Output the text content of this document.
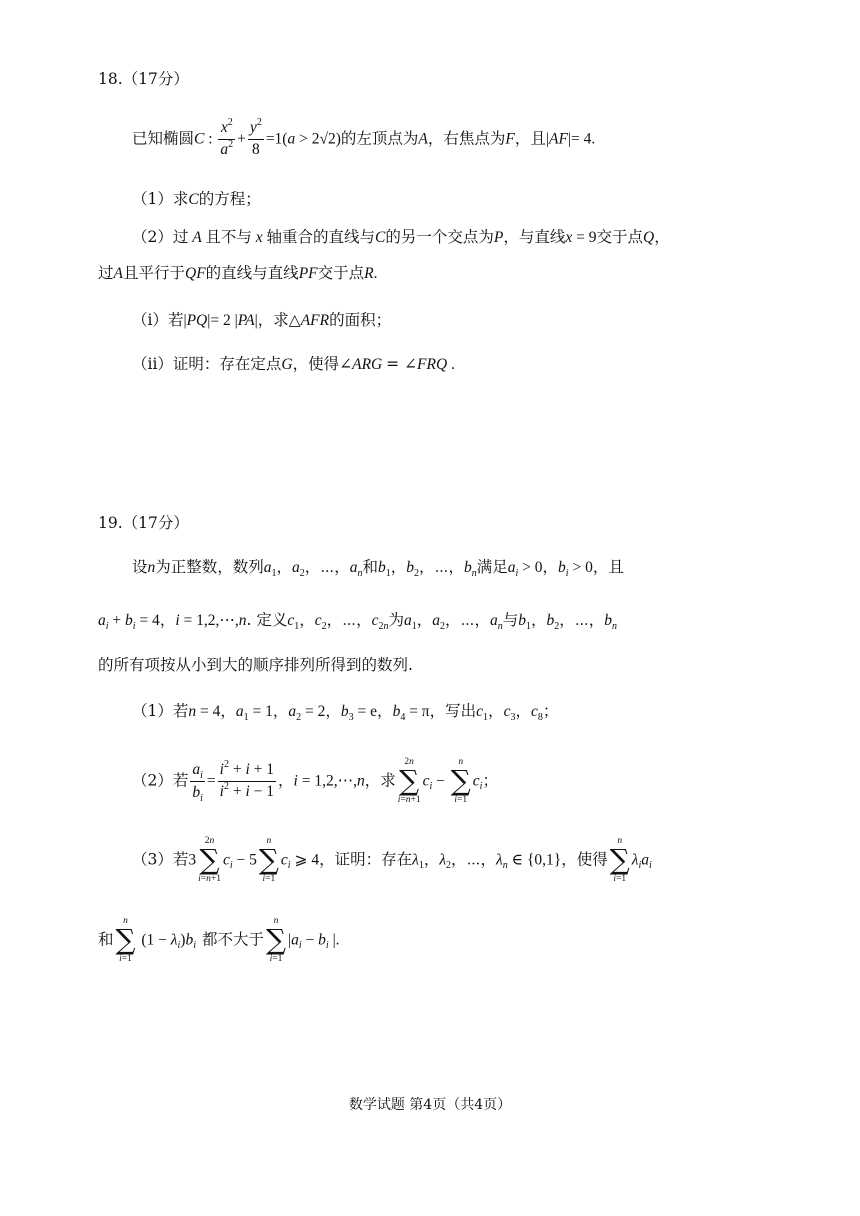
18.（17分）
已知椭圆C : $\frac{x^2}{a^2} + \frac{y^2}{8} =1(a > 2√2)$的左顶点为A，右焦点为F，且|AF|= 4.
（1）求C的方程；
（2）过 A 且不与 x 轴重合的直线与C的另一个交点为P，与直线x = 9交于点Q，
过A且平行于QF的直线与直线PF交于点R.
（i）若|PQ|= 2 |PA|，求△AFR的面积；
（ii）证明：存在定点G，使得∠ARG = ∠FRQ .
19.（17分）
设n为正整数，数列$a_1$，$a_2$，⋯，$a_n$和$b_1$，$b_2$，⋯，$b_n$满足$a_i > 0$，$b_i > 0$，且
$a_i + b_i = 4$，i = 1,2,⋯,n. 定义$c_1$，$c_2$，⋯，$c_{2n}$为$a_1$，$a_2$，⋯，$a_n$与$b_1$，$b_2$，⋯，$b_n$
的所有项按从小到大的顺序排列所得到的数列.
（1）若n = 4，$a_1 = 1$，$a_2 = 2$，$b_3 = e$，$b_4 = \pi$，写出$c_1$，$c_3$，$c_8$；
（2）若 $\frac{a_i}{b_i} = \frac{i^2 + i + 1}{i^2 + i - 1}$ ，i = 1,2,⋯,n，求
2n
∑
i=n+1
$c_i$ −
n
∑
i=1
$c_i$；
（3）若3
2n
∑
i=n+1
$c_i - 5$
n
∑
i=1
$c_i$ ⩾ 4，证明：存在$\lambda_1$，$\lambda_2$，⋯，$\lambda_n$ ∈ {0,1}，使得
n
∑
i=1
$\lambda_ia_i$
和
n
∑
i=1
$(1 - \lambda_i)b_i$ 都不大于
n
∑
i=1
$|a_i - b_i$ |.
数学试题 第4页（共4页）
